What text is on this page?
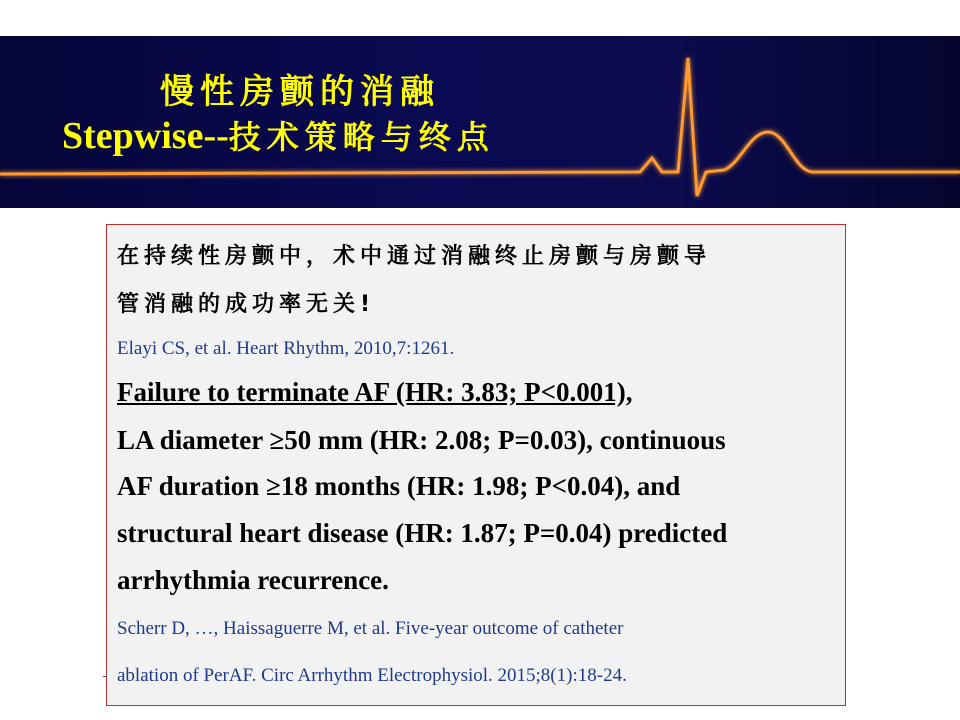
慢性房颤的消融
Stepwise--技术策略与终点
在持续性房颤中，术中通过消融终止房颤与房颤导
管消融的成功率无关!
Elayi CS, et al. Heart Rhythm, 2010,7:1261.
Failure to terminate AF (HR: 3.83; P<0.001),
LA diameter ≥50 mm (HR: 2.08; P=0.03), continuous
AF duration ≥18 months (HR: 1.98; P<0.04), and
structural heart disease (HR: 1.87; P=0.04) predicted
arrhythmia recurrence.
Scherr D, …, Haissaguerre M, et al. Five-year outcome of catheter
ablation of PerAF. Circ Arrhythm Electrophysiol. 2015;8(1):18-24.
